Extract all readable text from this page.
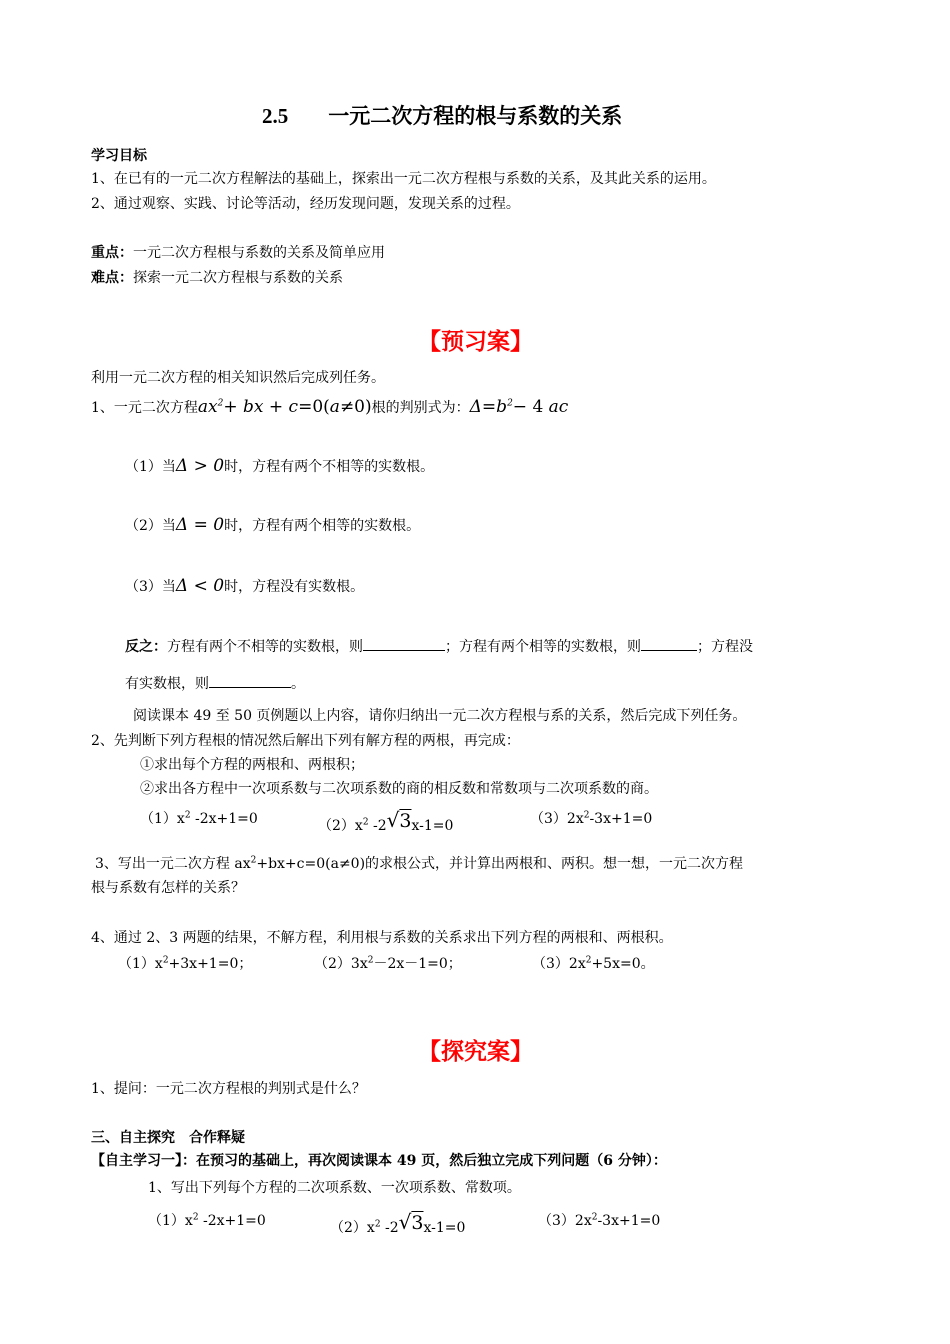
2.5 一元二次方程的根与系数的关系
学习目标
1、在已有的一元二次方程解法的基础上，探索出一元二次方程根与系数的关系，及其此关系的运用。
2、通过观察、实践、讨论等活动，经历发现问题，发现关系的过程。
重点：一元二次方程根与系数的关系及简单应用
难点：探索一元二次方程根与系数的关系
【预习案】
利用一元二次方程的相关知识然后完成列任务。
1、一元二次方程$ax^2+$ bx + c=0(a≠0)根的判别式为：$\Delta=b^2- 4$ ac
（1）当Δ > 0时，方程有两个不相等的实数根。
（2）当Δ = 0时，方程有两个相等的实数根。
（3）当Δ < 0时，方程没有实数根。
反之：方程有两个不相等的实数根，则	；方程有两个相等的实数根，则	；方程没
有实数根，则	。
阅读课本 49 至 50 页例题以上内容，请你归纳出一元二次方程根与系的关系，然后完成下列任务。
2、先判断下列方程根的情况然后解出下列有解方程的两根，再完成：
①求出每个方程的两根和、两根积；
②求出各方程中一次项系数与二次项系数的商的相反数和常数项与二次项系数的商。
$(1)x^2$ -2x+1=0	$(2)x^2$ -2√3x-1=0	$(3)2x^2-3x+1=0$
3、写出一元二次方程 $ax^2+bx+c=0(a\ne 0)$的求根公式，并计算出两根和、两积。想一想，一元二次方程
根与系数有怎样的关系？
4、通过 2、3 两题的结果，不解方程，利用根与系数的关系求出下列方程的两根和、两根积。
$(1)x^2+3x+1=0$；	$(2)3x^2-2x-1=0$；	$(3)2x^2+5x=0$。
【探究案】
1、提问：一元二次方程根的判别式是什么？
三、自主探究　合作释疑
【自主学习一】：在预习的基础上，再次阅读课本 49 页，然后独立完成下列问题（6 分钟）：
1、写出下列每个方程的二次项系数、一次项系数、常数项。
$(1)x^2$ -2x+1=0	$(2)x^2$ -2√3x-1=0	$(3)2x^2-3x+1=0$
